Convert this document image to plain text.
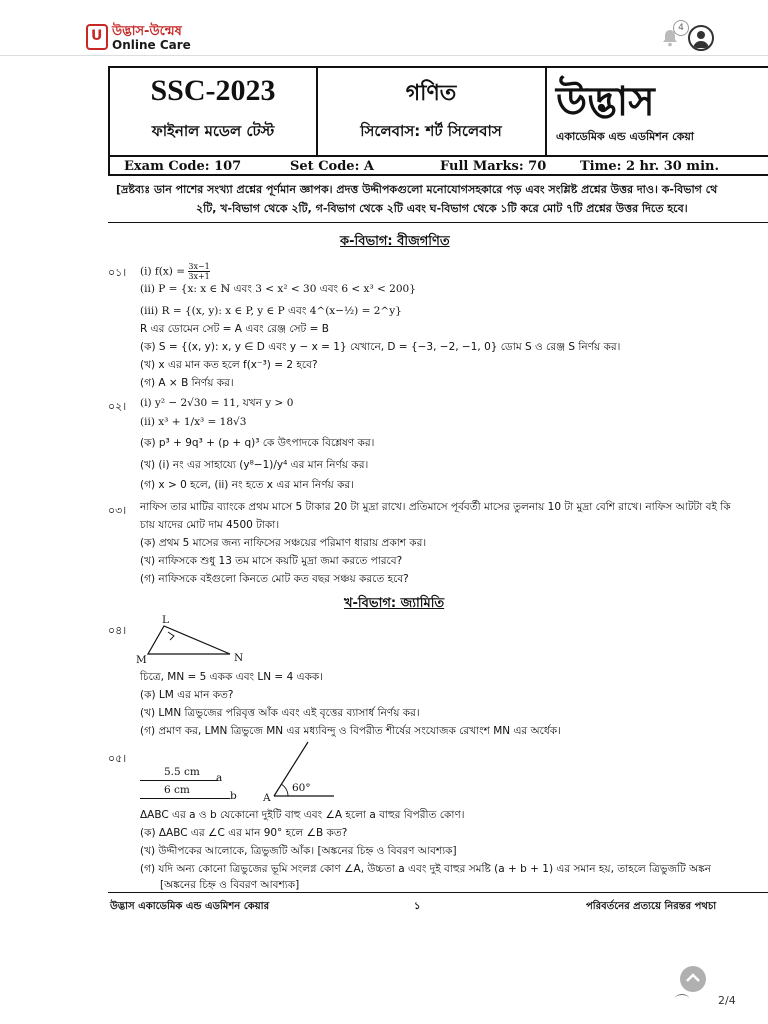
U উদ্ভাস-উন্মেষ
Online Care
4
SSC-2023
ফাইনাল মডেল টেস্ট
গণিত
সিলেবাস: শর্ট সিলেবাস
উদ্ভাস
একাডেমিক এন্ড এডমিশন কেয়া
Exam Code: 107	Set Code: A	Full Marks: 70	Time: 2 hr. 30 min.
[দ্রষ্টব্যঃ ডান পাশের সংখ্যা প্রশ্নের পূর্ণমান জ্ঞাপক। প্রদত্ত উদ্দীপকগুলো মনোযোগসহকারে পড় এবং সংশ্লিষ্ট প্রশ্নের উত্তর দাও। ক-বিভাগ থে
২টি, খ-বিভাগ থেকে ২টি, গ-বিভাগ থেকে ২টি এবং ঘ-বিভাগ থেকে ১টি করে মোট ৭টি প্রশ্নের উত্তর দিতে হবে।
ক-বিভাগ: বীজগণিত
০১। (i) $f(x) = \frac{3x-1}{3x+1}$
(ii) P = {x: x ∈ ℕ এবং 3 < x² < 30 এবং 6 < x³ < 200}
(iii) R = {(x, y): x ∈ P, y ∈ P এবং 4^(x−½) = 2^y}
R এর ডোমেন সেট = A এবং রেঞ্জ সেট = B
(ক) S = {(x, y): x, y ∈ D এবং y − x = 1} যেখানে, D = {−3, −2, −1, 0} ডোম S ও রেঞ্জ S নির্ণয় কর।
(খ) x এর মান কত হলে f(x⁻³) = 2 হবে?
(গ) A × B নির্ণয় কর।
০২। (i) y² − 2√30 = 11, যখন y > 0
(ii) x³ + 1/x³ = 18√3
(ক) p³ + 9q³ + (p + q)³ কে উৎপাদকে বিশ্লেষণ কর।
(খ) (i) নং এর সাহায্যে (y⁸−1)/y⁴ এর মান নির্ণয় কর।
(গ) x > 0 হলে, (ii) নং হতে x এর মান নির্ণয় কর।
০৩। নাফিস তার মাটির ব্যাংকে প্রথম মাসে 5 টাকার 20 টা মুদ্রা রাখে। প্রতিমাসে পূর্ববর্তী মাসের তুলনায় 10 টা মুদ্রা বেশি রাখে। নাফিস আটটা বই কি
চায় যাদের মোট দাম 4500 টাকা।
(ক) প্রথম 5 মাসের জন্য নাফিসের সঞ্চয়ের পরিমাণ ধারায় প্রকাশ কর।
(খ) নাফিসকে শুধু 13 তম মাসে কয়টি মুদ্রা জমা করতে পারবে?
(গ) নাফিসকে বইগুলো কিনতে মোট কত বছর সঞ্চয় করতে হবে?
খ-বিভাগ: জ্যামিতি
০৪।
L
M	N
চিত্রে, MN = 5 একক এবং LN = 4 একক।
(ক) LM এর মান কত?
(খ) LMN ত্রিভুজের পরিবৃত্ত আঁক এবং এই বৃত্তের ব্যাসার্ধ নির্ণয় কর।
(গ) প্রমাণ কর, LMN ত্রিভুজে MN এর মধ্যবিন্দু ও বিপরীত শীর্ষের সংযোজক রেখাংশ MN এর অর্ধেক।
০৫।
5.5 cm a
6 cm	b	A
60°
ΔABC এর a ও b যেকোনো দুইটি বাহু এবং ∠A হলো a বাহুর বিপরীত কোণ।
(ক) ΔABC এর ∠C এর মান 90° হলে ∠B কত?
(খ) উদ্দীপকের আলোকে, ত্রিভুজটি আঁক। [অঙ্কনের চিহ্ন ও বিবরণ আবশ্যক]
(গ) যদি অন্য কোনো ত্রিভুজের ভূমি সংলগ্ন কোণ ∠A, উচ্চতা a এবং দুই বাহুর সমষ্টি (a + b + 1) এর সমান হয়, তাহলে ত্রিভুজটি অঙ্কন
[অঙ্কনের চিহ্ন ও বিবরণ আবশ্যক]
উদ্ভাস একাডেমিক এন্ড এডমিশন কেয়ার	১	পরিবর্তনের প্রত্যয়ে নিরন্তর পথচা
2/4
